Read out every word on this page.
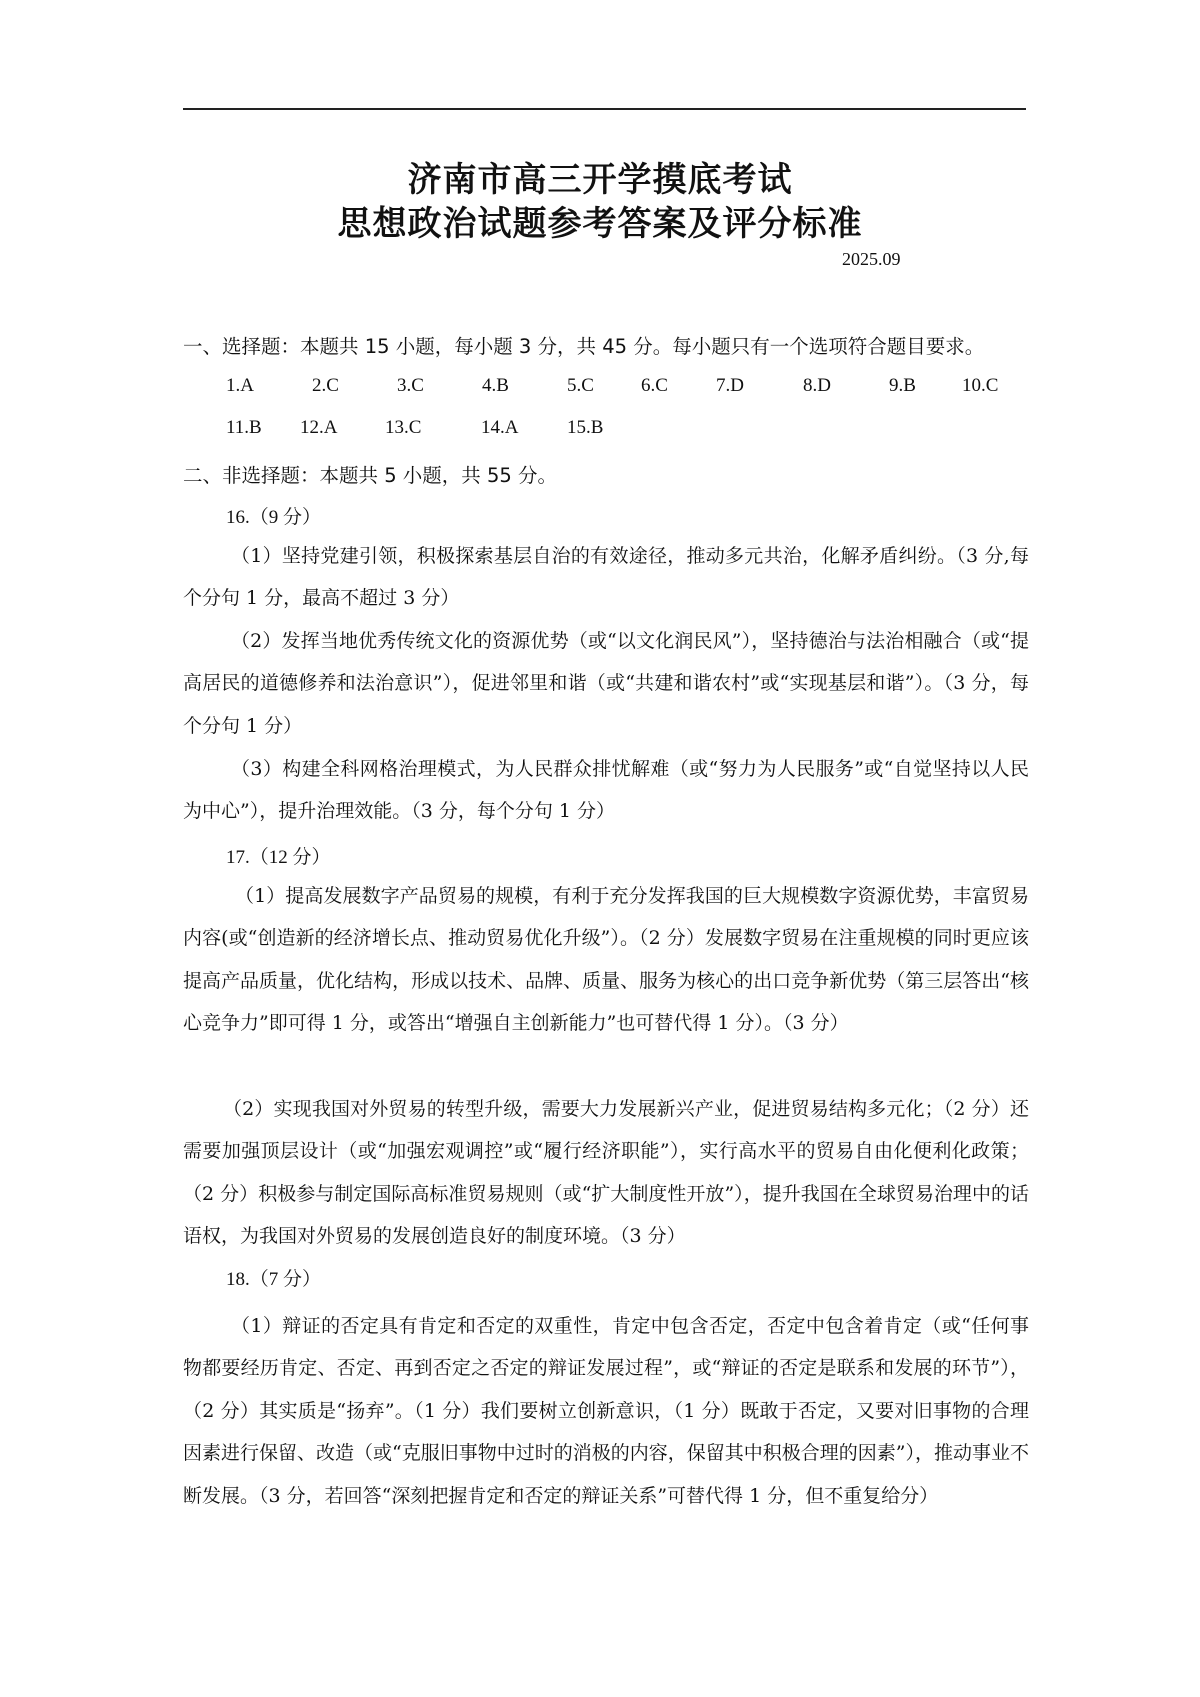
济南市高三开学摸底考试
思想政治试题参考答案及评分标准
2025.09
一、选择题：本题共 15 小题，每小题 3 分，共 45 分。每小题只有一个选项符合题目要求。
1.A	2.C	3.C	4.B	5.C 6.C	7.D	8.D	9.B 10.C
11.B 12.A	13.C	14.A	15.B
二、非选择题：本题共 5 小题，共 55 分。
16.（9 分）
（1）坚持党建引领，积极探索基层自治的有效途径，推动多元共治，化解矛盾纠纷。（3 分,每个分句 1 分，最高不超过 3 分）
（2）发挥当地优秀传统文化的资源优势（或“以文化润民风”），坚持德治与法治相融合（或“提高居民的道德修养和法治意识”），促进邻里和谐（或“共建和谐农村”或“实现基层和谐”）。（3 分，每个分句 1 分）
（3）构建全科网格治理模式，为人民群众排忧解难（或“努力为人民服务”或“自觉坚持以人民为中心”），提升治理效能。（3 分，每个分句 1 分）
17.（12 分）
（1）提高发展数字产品贸易的规模，有利于充分发挥我国的巨大规模数字资源优势，丰富贸易内容(或“创造新的经济增长点、推动贸易优化升级”）。（2 分）发展数字贸易在注重规模的同时更应该提高产品质量，优化结构，形成以技术、品牌、质量、服务为核心的出口竞争新优势（第三层答出“核心竞争力”即可得 1 分，或答出“增强自主创新能力”也可替代得 1 分）。（3 分）
（2）实现我国对外贸易的转型升级，需要大力发展新兴产业，促进贸易结构多元化；（2 分）还需要加强顶层设计（或“加强宏观调控”或“履行经济职能”），实行高水平的贸易自由化便利化政策；（2 分）积极参与制定国际高标准贸易规则（或“扩大制度性开放”），提升我国在全球贸易治理中的话语权，为我国对外贸易的发展创造良好的制度环境。（3 分）
18.（7 分）
（1）辩证的否定具有肯定和否定的双重性，肯定中包含否定，否定中包含着肯定（或“任何事物都要经历肯定、否定、再到否定之否定的辩证发展过程”，或“辩证的否定是联系和发展的环节”），（2 分）其实质是“扬弃”。（1 分）我们要树立创新意识，（1 分）既敢于否定，又要对旧事物的合理因素进行保留、改造（或“克服旧事物中过时的消极的内容，保留其中积极合理的因素”），推动事业不断发展。（3 分，若回答“深刻把握肯定和否定的辩证关系”可替代得 1 分，但不重复给分）
